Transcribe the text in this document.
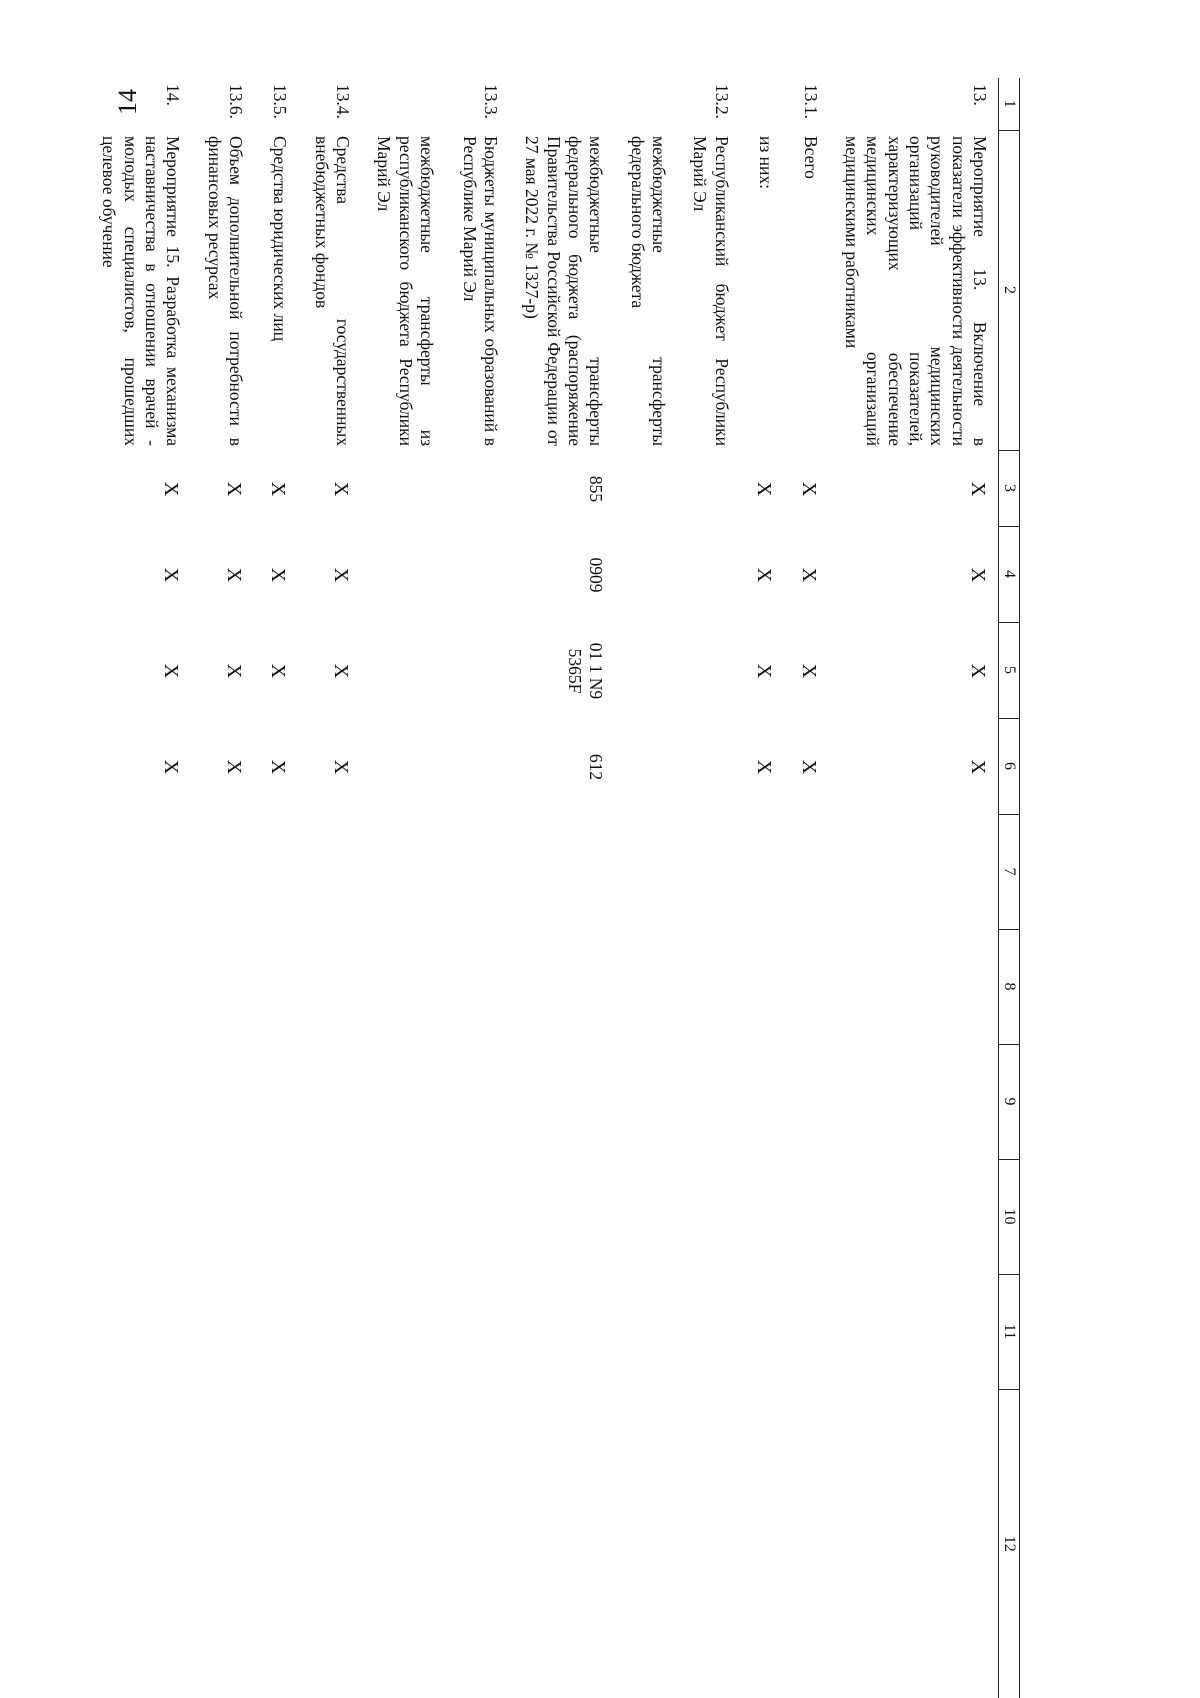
14	1	2	3	4	5	6	7	8	9	10	11	12
13.	Мероприятие 13. Включение в показатели эффективности деятельности руководителей медицинских организаций показателей, характеризующих обеспечение медицинских организаций медицинскими работниками	X	X	X	X						
13.1.	Всего	X	X	X	X						
	из них:	X	X	X	X						
13.2.	Республиканский бюджет Республики Марий Эл										
	межбюджетные трансферты федерального бюджета										
	межбюджетные трансферты федерального бюджета (распоряжение Правительства Российской Федерации от 27 мая 2022 г. № 1327-р)	855	0909	01 1 N9 5365F	612						
13.3.	Бюджеты муниципальных образований в Республике Марий Эл										
	межбюджетные трансферты из республиканского бюджета Республики Марий Эл										
13.4.	Средства государственных внебюджетных фондов	X	X	X	X						
13.5.	Средства юридических лиц	X	X	X	X						
13.6.	Объем дополнительной потребности в финансовых ресурсах	X	X	X	X						
14.	Мероприятие 15. Разработка механизма наставничества в отношении врачей - молодых специалистов, прошедших целевое обучение	X	X	X	X						
